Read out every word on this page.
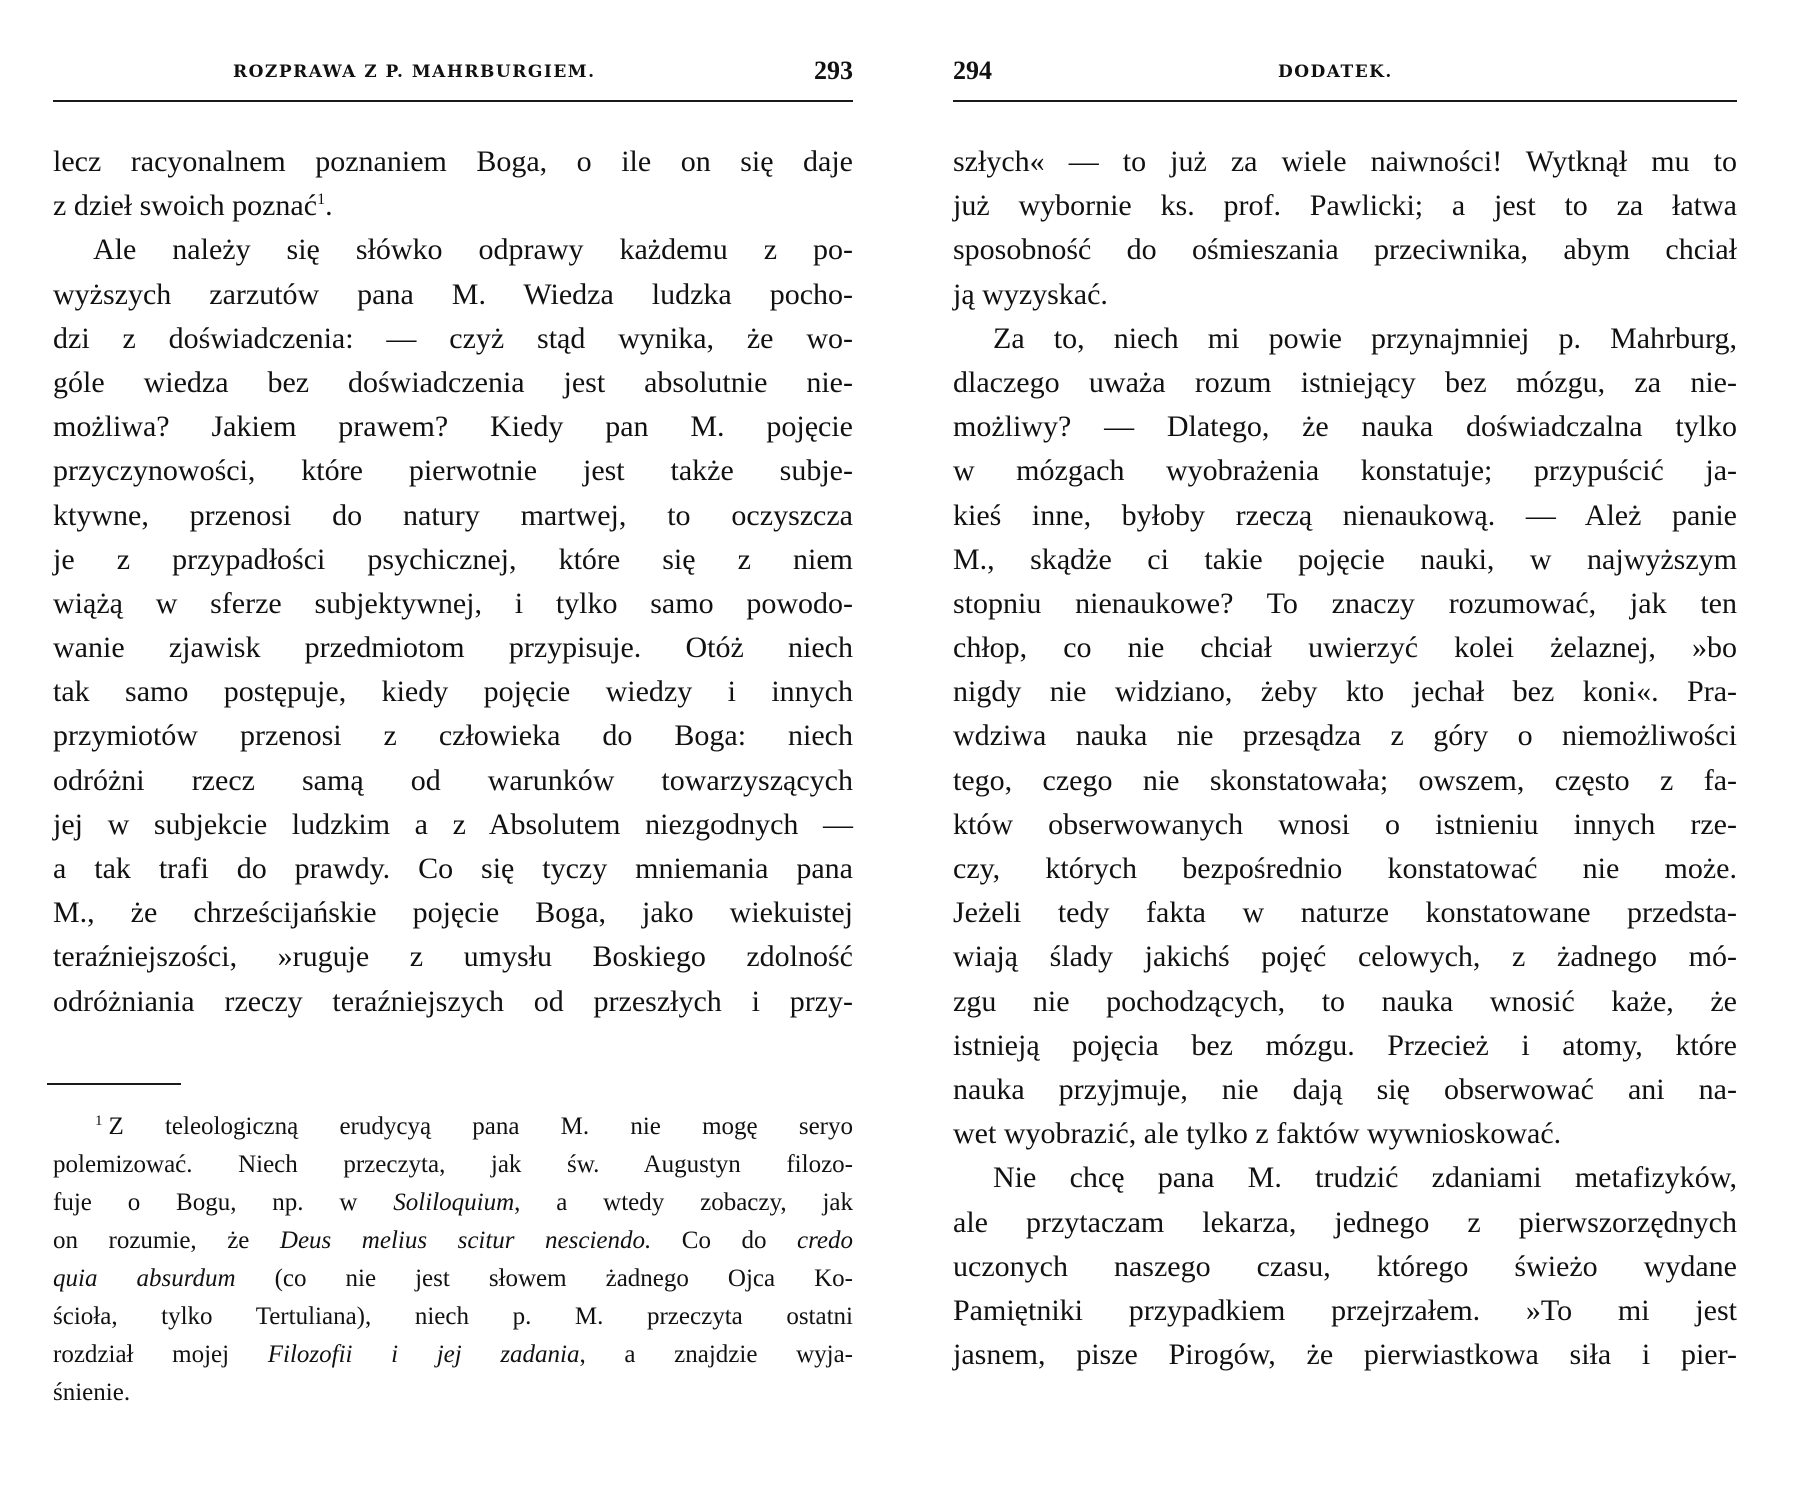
ROZPRAWA Z P. MAHRBURGIEM.	293
lecz racyonalnem poznaniem Boga, o ile on się daje
z dzieł swoich poznać$^1$.
Ale należy się słówko odprawy każdemu z po-
wyższych zarzutów pana M. Wiedza ludzka pocho-
dzi z doświadczenia: — czyż stąd wynika, że wo-
góle wiedza bez doświadczenia jest absolutnie nie-
możliwa? Jakiem prawem? Kiedy pan M. pojęcie
przyczynowości, które pierwotnie jest także subje-
ktywne, przenosi do natury martwej, to oczyszcza
je z przypadłości psychicznej, które się z niem
wiążą w sferze subjektywnej, i tylko samo powodo-
wanie zjawisk przedmiotom przypisuje. Otóż niech
tak samo postępuje, kiedy pojęcie wiedzy i innych
przymiotów przenosi z człowieka do Boga: niech
odróżni rzecz samą od warunków towarzyszących
jej w subjekcie ludzkim a z Absolutem niezgodnych —
a tak trafi do prawdy. Co się tyczy mniemania pana
M., że chrześcijańskie pojęcie Boga, jako wiekuistej
teraźniejszości, »ruguje z umysłu Boskiego zdolność
odróżniania rzeczy teraźniejszych od przeszłych i przy-
$^1$ Z teleologiczną erudycyą pana M. nie mogę seryo
polemizować. Niech przeczyta, jak św. Augustyn filozo-
fuje o Bogu, np. w Soliloquium, a wtedy zobaczy, jak
on rozumie, że Deus melius scitur nesciendo. Co do credo
quia absurdum (co nie jest słowem żadnego Ojca Ko-
ścioła, tylko Tertuliana), niech p. M. przeczyta ostatni
rozdział mojej Filozofii i jej zadania, a znajdzie wyja-
śnienie.
294	DODATEK.
szłych« — to już za wiele naiwności! Wytknął mu to
już wybornie ks. prof. Pawlicki; a jest to za łatwa
sposobność do ośmieszania przeciwnika, abym chciał
ją wyzyskać.
Za to, niech mi powie przynajmniej p. Mahrburg,
dlaczego uważa rozum istniejący bez mózgu, za nie-
możliwy? — Dlatego, że nauka doświadczalna tylko
w mózgach wyobrażenia konstatuje; przypuścić ja-
kieś inne, byłoby rzeczą nienaukową. — Ależ panie
M., skądże ci takie pojęcie nauki, w najwyższym
stopniu nienaukowe? To znaczy rozumować, jak ten
chłop, co nie chciał uwierzyć kolei żelaznej, »bo
nigdy nie widziano, żeby kto jechał bez koni«. Pra-
wdziwa nauka nie przesądza z góry o niemożliwości
tego, czego nie skonstatowała; owszem, często z fa-
któw obserwowanych wnosi o istnieniu innych rze-
czy, których bezpośrednio konstatować nie może.
Jeżeli tedy fakta w naturze konstatowane przedsta-
wiają ślady jakichś pojęć celowych, z żadnego mó-
zgu nie pochodzących, to nauka wnosić każe, że
istnieją pojęcia bez mózgu. Przecież i atomy, które
nauka przyjmuje, nie dają się obserwować ani na-
wet wyobrazić, ale tylko z faktów wywnioskować.
Nie chcę pana M. trudzić zdaniami metafizyków,
ale przytaczam lekarza, jednego z pierwszorzędnych
uczonych naszego czasu, którego świeżo wydane
Pamiętniki przypadkiem przejrzałem. »To mi jest
jasnem, pisze Pirogów, że pierwiastkowa siła i pier-
